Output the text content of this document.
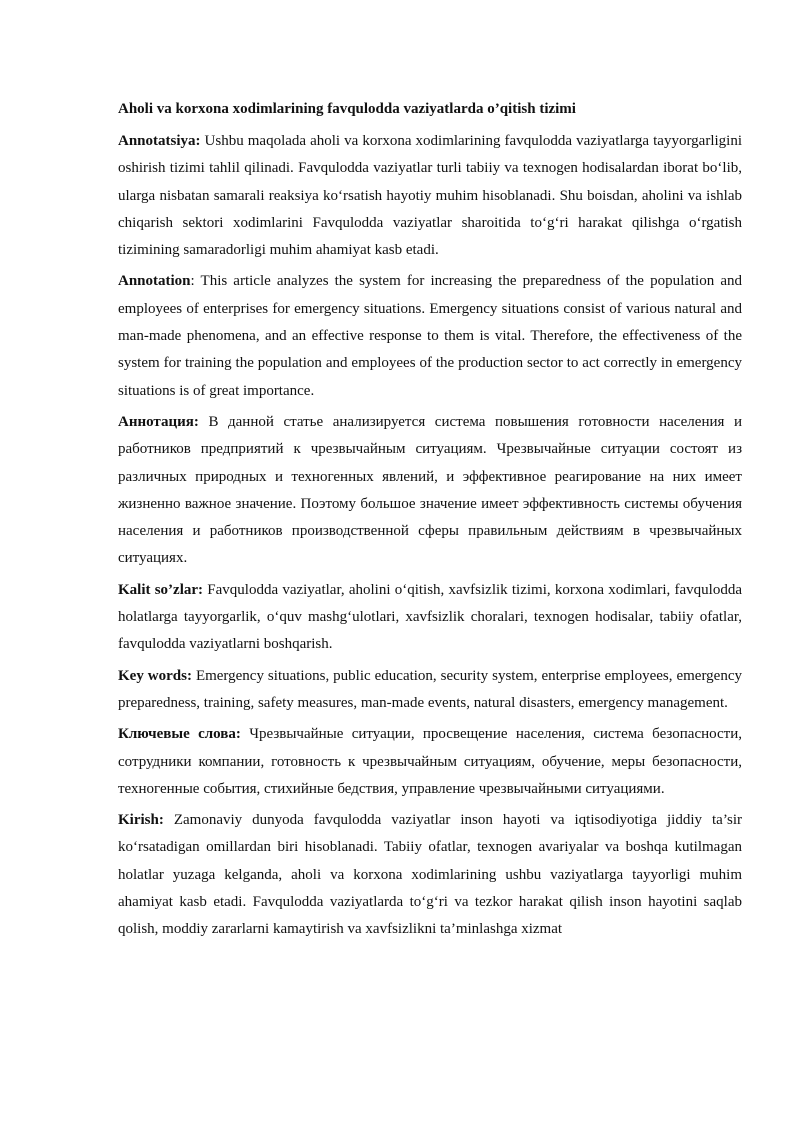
Aholi va korxona xodimlarining favqulodda vaziyatlarda o’qitish tizimi

Annotatsiya: Ushbu maqolada aholi va korxona xodimlarining favqulodda vaziyatlarga tayyorgarligini oshirish tizimi tahlil qilinadi. Favqulodda vaziyatlar turli tabiiy va texnogen hodisalardan iborat bo‘lib, ularga nisbatan samarali reaksiya ko‘rsatish hayotiy muhim hisoblanadi. Shu boisdan, aholini va ishlab chiqarish sektori xodimlarini Favqulodda vaziyatlar sharoitida to‘g‘ri harakat qilishga o‘rgatish tizimining samaradorligi muhim ahamiyat kasb etadi.

Annotation: This article analyzes the system for increasing the preparedness of the population and employees of enterprises for emergency situations. Emergency situations consist of various natural and man-made phenomena, and an effective response to them is vital. Therefore, the effectiveness of the system for training the population and employees of the production sector to act correctly in emergency situations is of great importance.

Аннотация: В данной статье анализируется система повышения готовности населения и работников предприятий к чрезвычайным ситуациям. Чрезвычайные ситуации состоят из различных природных и техногенных явлений, и эффективное реагирование на них имеет жизненно важное значение. Поэтому большое значение имеет эффективность системы обучения населения и работников производственной сферы правильным действиям в чрезвычайных ситуациях.

Kalit so’zlar: Favqulodda vaziyatlar, aholini o‘qitish, xavfsizlik tizimi, korxona xodimlari, favqulodda holatlarga tayyorgarlik, o‘quv mashg‘ulotlari, xavfsizlik choralari, texnogen hodisalar, tabiiy ofatlar, favqulodda vaziyatlarni boshqarish.

Key words: Emergency situations, public education, security system, enterprise employees, emergency preparedness, training, safety measures, man-made events, natural disasters, emergency management.

Ключевые слова: Чрезвычайные ситуации, просвещение населения, система безопасности, сотрудники компании, готовность к чрезвычайным ситуациям, обучение, меры безопасности, техногенные события, стихийные бедствия, управление чрезвычайными ситуациями.

Kirish: Zamonaviy dunyoda favqulodda vaziyatlar inson hayoti va iqtisodiyotiga jiddiy ta’sir ko‘rsatadigan omillardan biri hisoblanadi. Tabiiy ofatlar, texnogen avariyalar va boshqa kutilmagan holatlar yuzaga kelganda, aholi va korxona xodimlarining ushbu vaziyatlarga tayyorligi muhim ahamiyat kasb etadi. Favqulodda vaziyatlarda to‘g‘ri va tezkor harakat qilish inson hayotini saqlab qolish, moddiy zararlarni kamaytirish va xavfsizlikni ta’minlashga xizmat
